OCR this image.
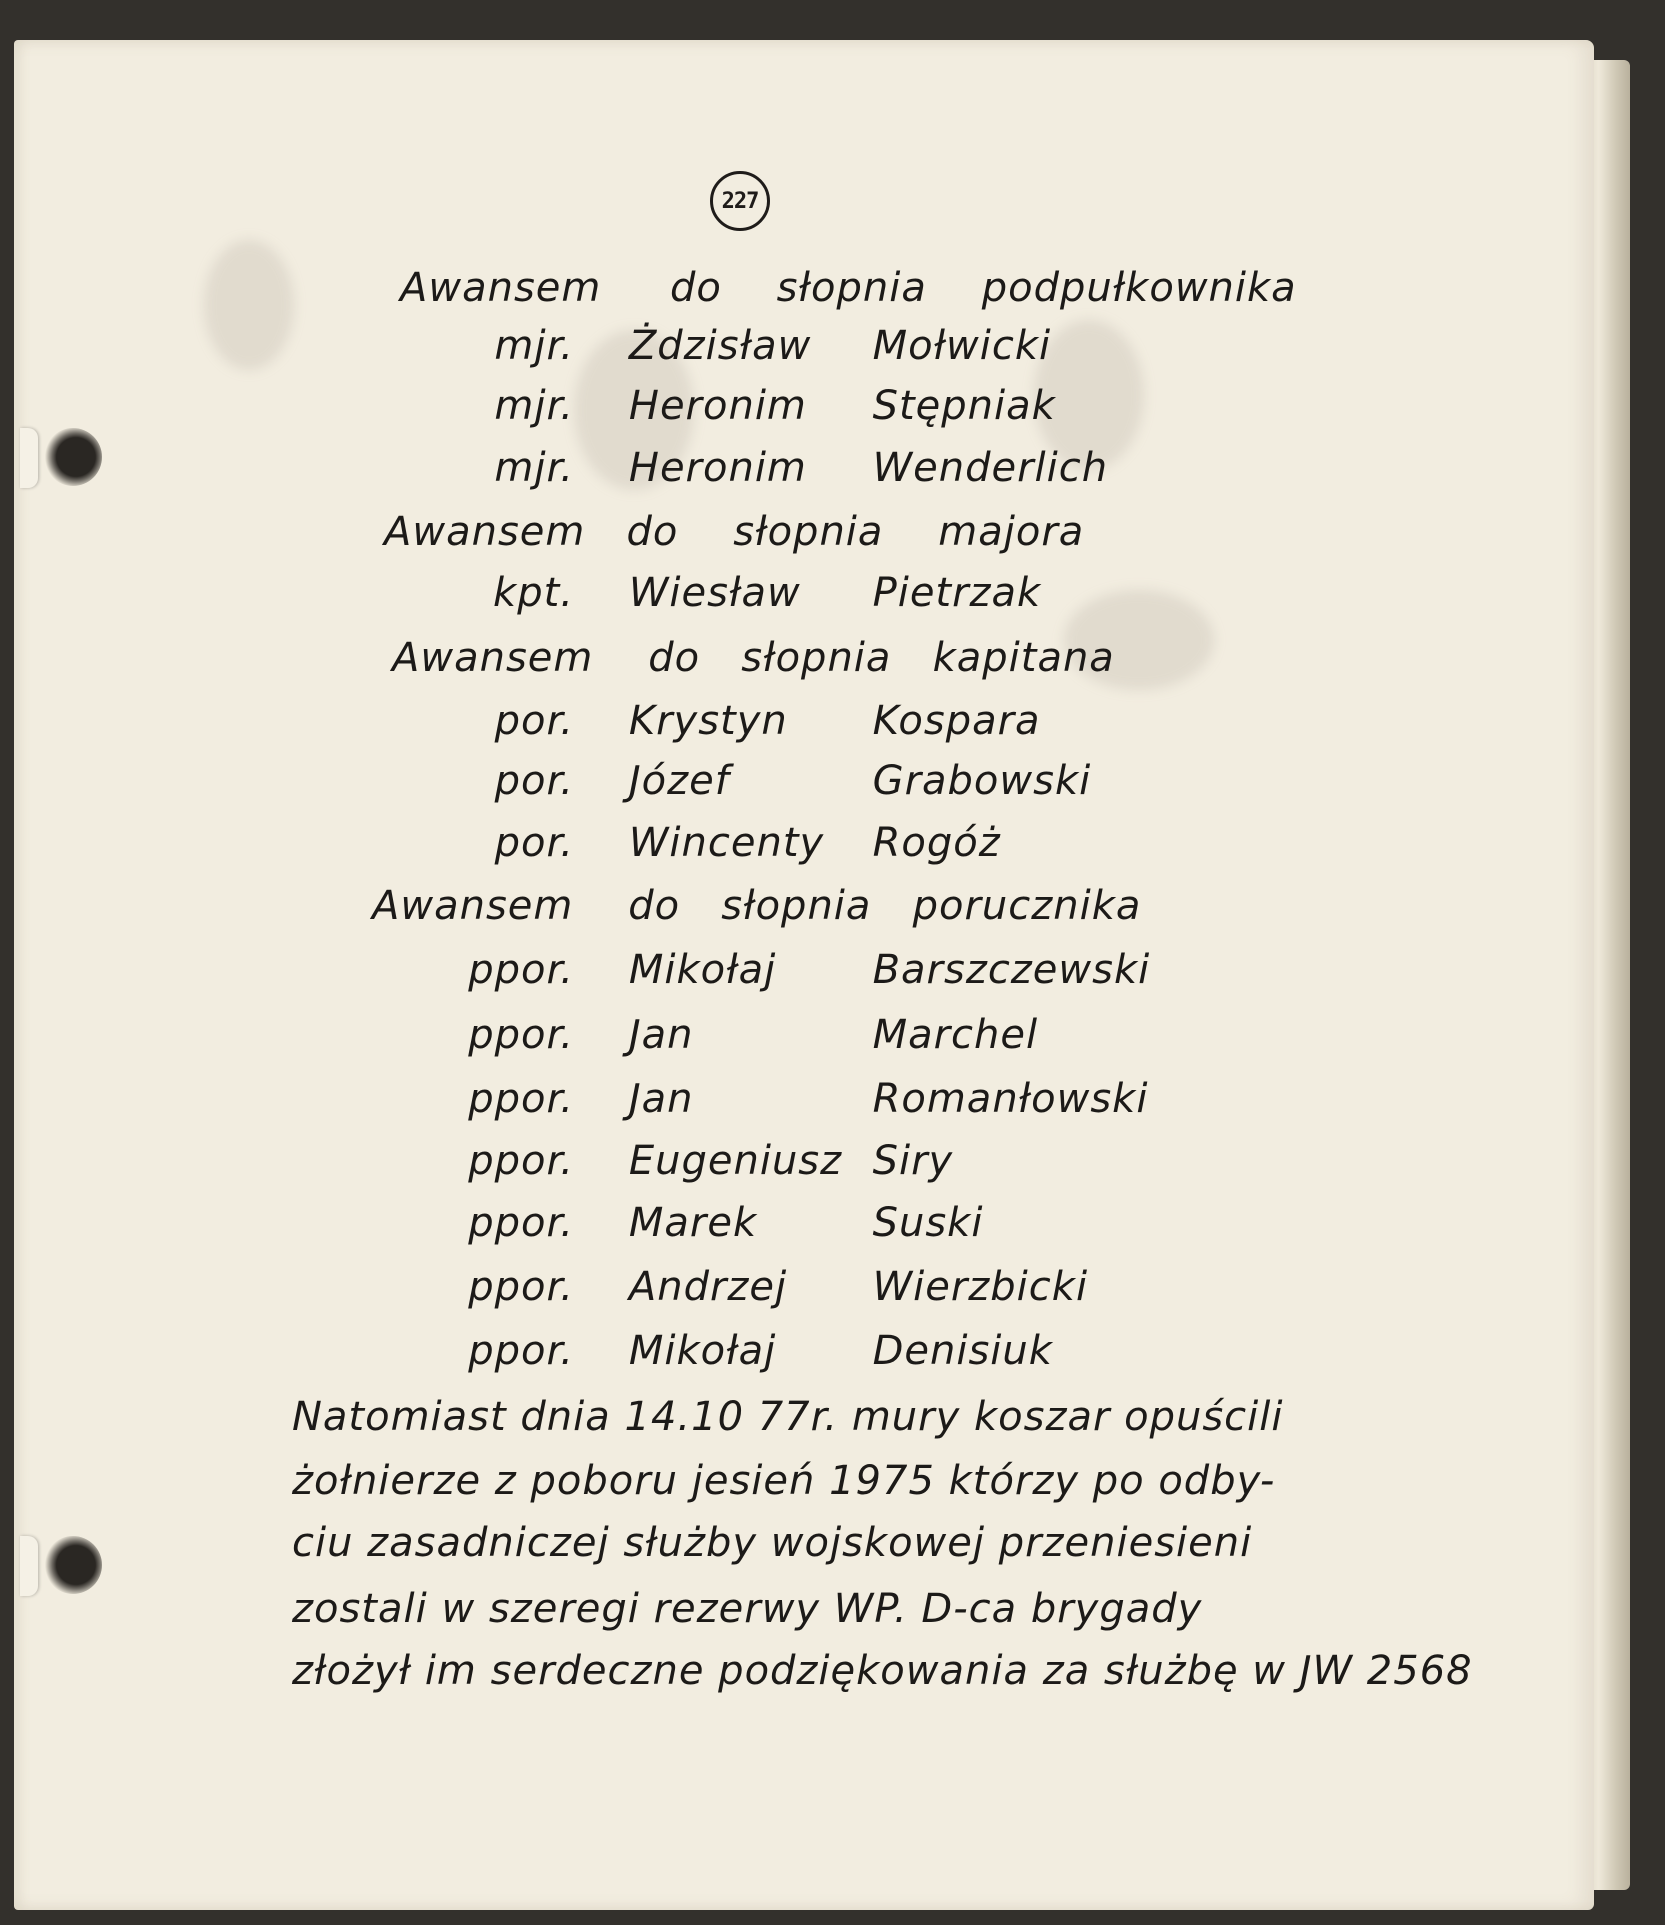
227
Awansem do słopnia podpułkownika
mjr. Żdzisław Mołwicki
mjr. Heronim Stępniak
mjr. Heronim Wenderlich
Awansem do słopnia majora
kpt. Wiesław Pietrzak
Awansem do słopnia kapitana
por. Krystyn Kospara
por. Józef	Grabowski
por. Wincenty Rogóż
Awansem do słopnia porucznika
ppor. Mikołaj Barszczewski
ppor. Jan	Marchel
ppor. Jan	Romanłowski
ppor. Eugeniusz Siry
ppor. Marek	Suski
ppor. Andrzej Wierzbicki
ppor. Mikołaj Denisiuk
Natomiast dnia 14.10 77r. mury koszar opuścili
żołnierze z poboru jesień 1975 którzy po odby-
ciu zasadniczej służby wojskowej przeniesieni
zostali w szeregi rezerwy WP. D-ca brygady
złożył im serdeczne podziękowania za służbę w JW 2568
